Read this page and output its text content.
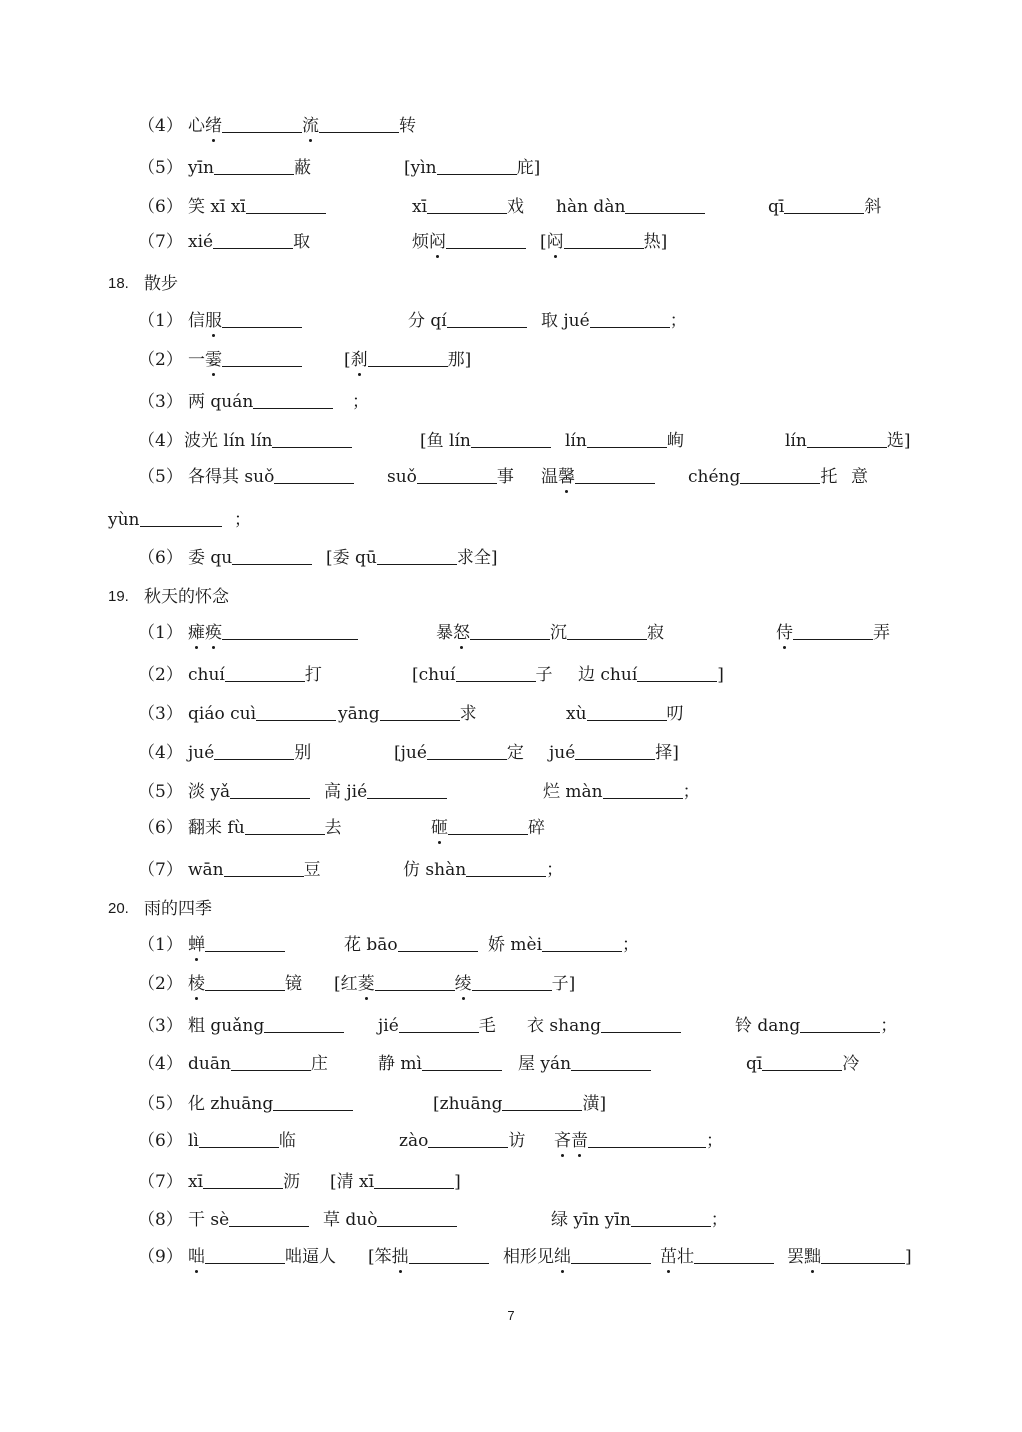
（4） 心绪	流	转
（5） yīn	蔽	[yìn	庇]
（6） 笑 xī xī	xī	戏 hàn dàn	qī	斜
（7） xié	取	烦闷	[闷	热]
18. 散步
（1） 信服	分 qí	取 jué	；
（2） 一霎	[刹	那]
（3） 两 quán	；
（4） 波光 lín lín	[鱼 lín	lín	峋	lín	选]
（5） 各得其 suǒ	suǒ	事 温馨	chéng	托 意
yùn	；
（6） 委 qu	[委 qū	求全]
19. 秋天的怀念
（1） 瘫痪	暴怒	沉	寂	侍	弄
（2） chuí	打	[chuí	子 边 chuí	]
（3） qiáo cuì	yāng	求	xù	叨
（4） jué	别	[jué	定 jué	择]
（5） 淡 yǎ	高 jié	烂 màn	；
（6） 翻来 fù	去	砸	碎
（7） wān	豆	仿 shàn	；
20. 雨的四季
（1） 蝉	花 bāo	娇 mèi	；
（2） 棱	镜 [红菱	绫	子]
（3） 粗 guǎng	jié	毛 衣 shang	铃 dang	；
（4） duān	庄	静 mì	屋 yán	qī	冷
（5） 化 zhuāng	[zhuāng	潢]
（6） lì	临	zào	访 吝啬	；
（7） xī	沥 [清 xī	]
（8） 干 sè	草 duò	绿 yīn yīn	；
（9） 咄	咄逼人 [笨拙	相形见绌	茁壮	罢黜	]
7
